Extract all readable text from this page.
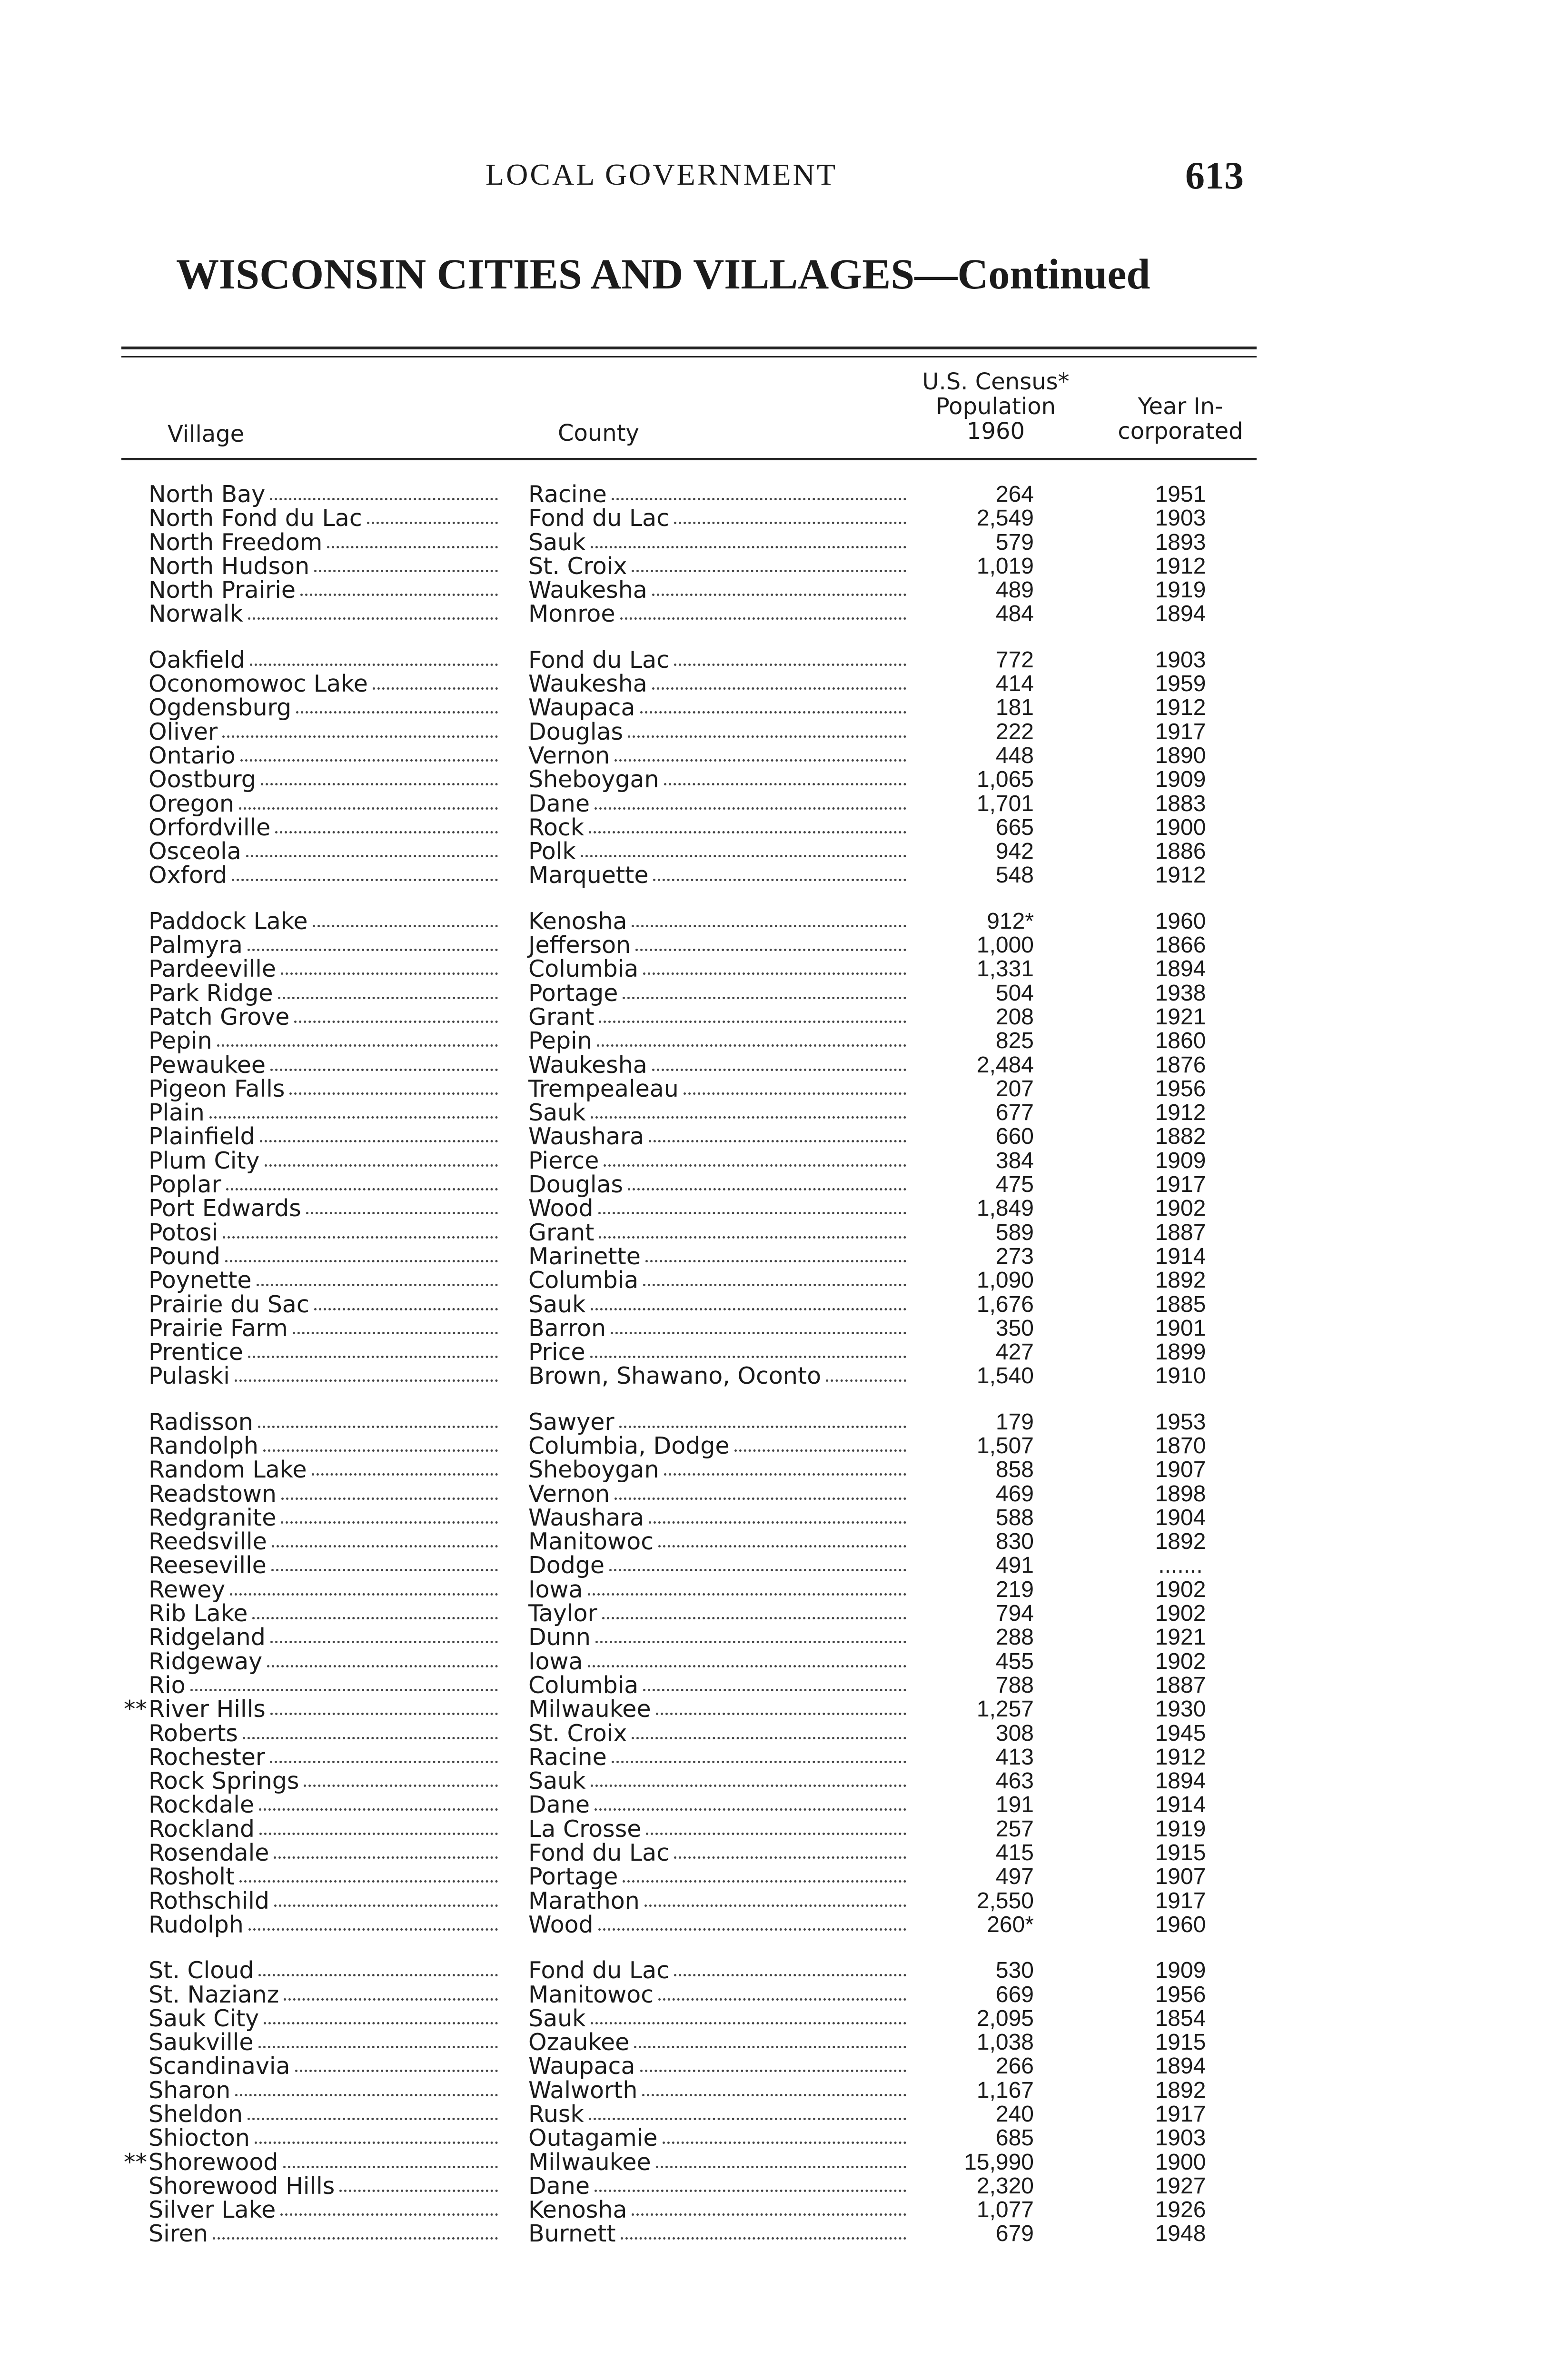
LOCAL GOVERNMENT	613
WISCONSIN CITIES AND VILLAGES—Continued
Village	County
U.S. Census*
Population
1960
Year In-
corporated
North Bay	Racine	264	1951
North Fond du Lac	Fond du Lac	2,549	1903
North Freedom	Sauk	579	1893
North Hudson	St. Croix	1,019	1912
North Prairie	Waukesha	489	1919
Norwalk	Monroe	484	1894
Oakfield	Fond du Lac	772	1903
Oconomowoc Lake	Waukesha	414	1959
Ogdensburg	Waupaca	181	1912
Oliver	Douglas	222	1917
Ontario	Vernon	448	1890
Oostburg	Sheboygan	1,065	1909
Oregon	Dane	1,701	1883
Orfordville	Rock	665	1900
Osceola	Polk	942	1886
Oxford	Marquette	548	1912
Paddock Lake	Kenosha	912*	1960
Palmyra	Jefferson	1,000	1866
Pardeeville	Columbia	1,331	1894
Park Ridge	Portage	504	1938
Patch Grove	Grant	208	1921
Pepin	Pepin	825	1860
Pewaukee	Waukesha	2,484	1876
Pigeon Falls	Trempealeau	207	1956
Plain	Sauk	677	1912
Plainfield	Waushara	660	1882
Plum City	Pierce	384	1909
Poplar	Douglas	475	1917
Port Edwards	Wood	1,849	1902
Potosi	Grant	589	1887
Pound	Marinette	273	1914
Poynette	Columbia	1,090	1892
Prairie du Sac	Sauk	1,676	1885
Prairie Farm	Barron	350	1901
Prentice	Price	427	1899
Pulaski	Brown, Shawano, Oconto	1,540	1910
Radisson	Sawyer	179	1953
Randolph	Columbia, Dodge	1,507	1870
Random Lake	Sheboygan	858	1907
Readstown	Vernon	469	1898
Redgranite	Waushara	588	1904
Reedsville	Manitowoc	830	1892
Reeseville	Dodge	491	.......
Rewey	Iowa	219	1902
Rib Lake	Taylor	794	1902
Ridgeland	Dunn	288	1921
Ridgeway	Iowa	455	1902
Rio	Columbia	788	1887
** River Hills	Milwaukee	1,257	1930
Roberts	St. Croix	308	1945
Rochester	Racine	413	1912
Rock Springs	Sauk	463	1894
Rockdale	Dane	191	1914
Rockland	La Crosse	257	1919
Rosendale	Fond du Lac	415	1915
Rosholt	Portage	497	1907
Rothschild	Marathon	2,550	1917
Rudolph	Wood	260*	1960
St. Cloud	Fond du Lac	530	1909
St. Nazianz	Manitowoc	669	1956
Sauk City	Sauk	2,095	1854
Saukville	Ozaukee	1,038	1915
Scandinavia	Waupaca	266	1894
Sharon	Walworth	1,167	1892
Sheldon	Rusk	240	1917
Shiocton	Outagamie	685	1903
** Shorewood	Milwaukee	15,990	1900
Shorewood Hills	Dane	2,320	1927
Silver Lake	Kenosha	1,077	1926
Siren	Burnett	679	1948
